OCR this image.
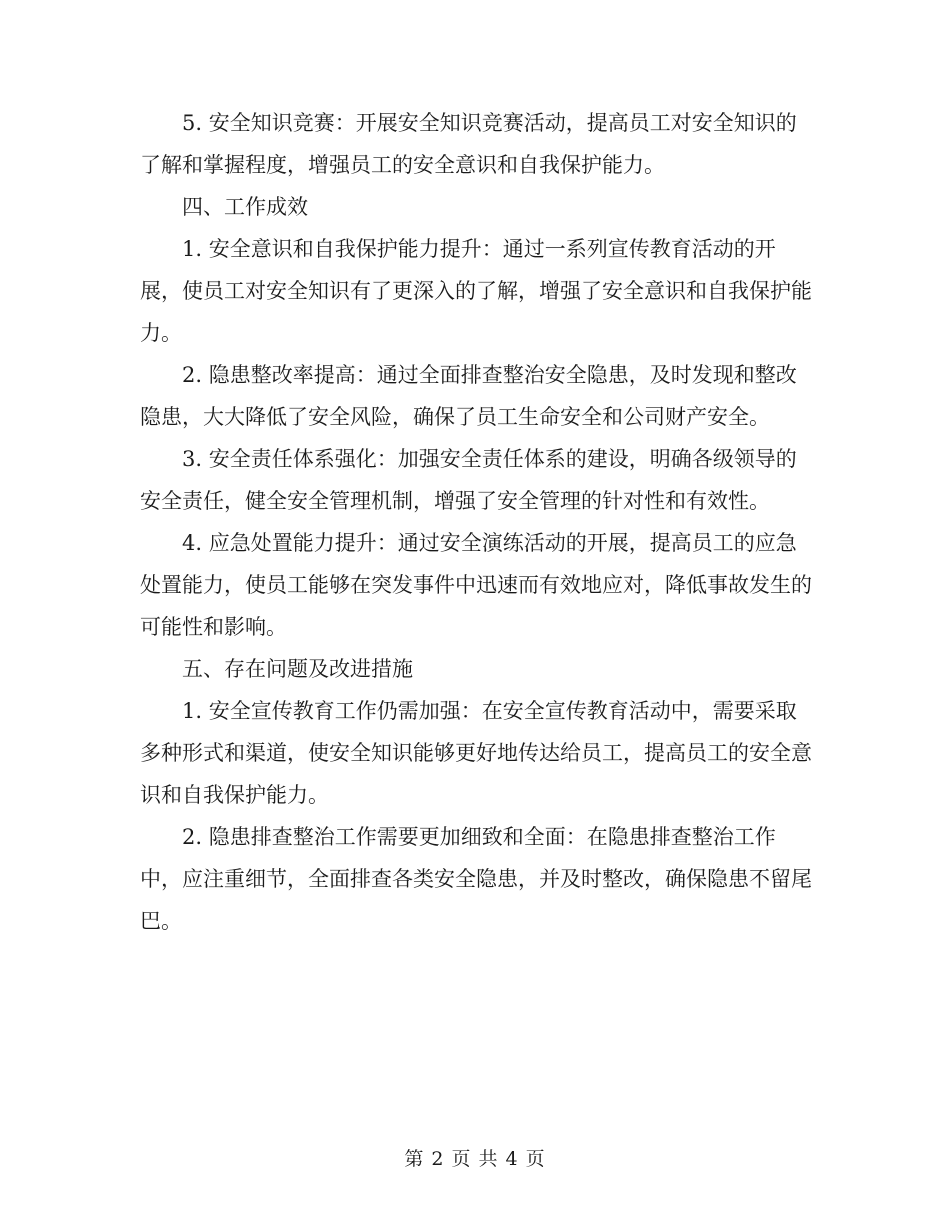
5. 安全知识竞赛：开展安全知识竞赛活动，提高员工对安全知识的了解和掌握程度，增强员工的安全意识和自我保护能力。

四、工作成效

1. 安全意识和自我保护能力提升：通过一系列宣传教育活动的开展，使员工对安全知识有了更深入的了解，增强了安全意识和自我保护能力。

2. 隐患整改率提高：通过全面排查整治安全隐患，及时发现和整改隐患，大大降低了安全风险，确保了员工生命安全和公司财产安全。

3. 安全责任体系强化：加强安全责任体系的建设，明确各级领导的安全责任，健全安全管理机制，增强了安全管理的针对性和有效性。

4. 应急处置能力提升：通过安全演练活动的开展，提高员工的应急处置能力，使员工能够在突发事件中迅速而有效地应对，降低事故发生的可能性和影响。

五、存在问题及改进措施

1. 安全宣传教育工作仍需加强：在安全宣传教育活动中，需要采取多种形式和渠道，使安全知识能够更好地传达给员工，提高员工的安全意识和自我保护能力。

2. 隐患排查整治工作需要更加细致和全面：在隐患排查整治工作中，应注重细节，全面排查各类安全隐患，并及时整改，确保隐患不留尾巴。

第 2 页 共 4 页
